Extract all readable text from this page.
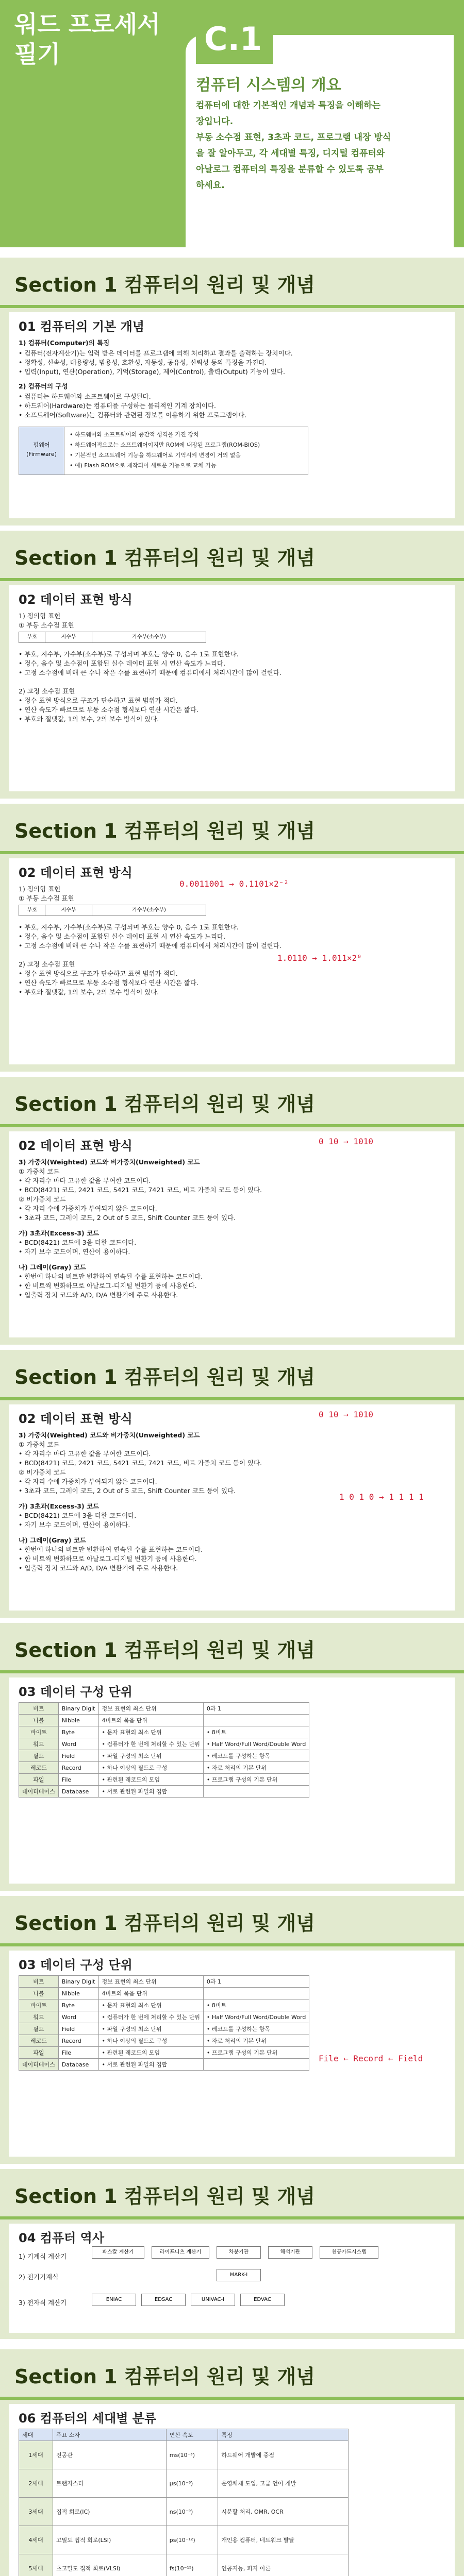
워드 프로세서
필기	C.1
컴퓨터 시스템의 개요
컴퓨터에 대한 기본적인 개념과 특징을 이해하는
장입니다.
부동 소수점 표현, 3초과 코드, 프로그램 내장 방식
을 잘 알아두고, 각 세대별 특징, 디지털 컴퓨터와
아날로그 컴퓨터의 특징을 분류할 수 있도록 공부
하세요.
Section 1 컴퓨터의 원리 및 개념
01 컴퓨터의 기본 개념
1) 컴퓨터(Computer)의 특징
• 컴퓨터(전자계산기)는 입력 받은 데이터를 프로그램에 의해 처리하고 결과를 출력하는 장치이다.
• 정확성, 신속성, 대용량성, 범용성, 호환성, 자동성, 공유성, 신뢰성 등의 특징을 가진다.
• 입력(Input), 연산(Operation), 기억(Storage), 제어(Control), 출력(Output) 기능이 있다.
2) 컴퓨터의 구성
• 컴퓨터는 하드웨어와 소프트웨어로 구성된다.
• 하드웨어(Hardware)는 컴퓨터를 구성하는 물리적인 기계 장치이다.
• 소프트웨어(Software)는 컴퓨터와 관련된 정보를 이용하기 위한 프로그램이다.
펌웨어 (Firmware)
• 하드웨어와 소프트웨어의 중간적 성격을 가진 장치
• 하드웨어적으로는 소프트웨어이지만 ROM에 내장된 프로그램(ROM-BIOS)
• 기본적인 소프트웨어 기능을 하드웨어로 기억시켜 변경이 거의 없음
• 예) Flash ROM으로 제작되어 새로운 기능으로 교체 가능
Section 1 컴퓨터의 원리 및 개념
02 데이터 표현 방식
1) 정의형 표현
① 부동 소수점 표현
부호	지수부	가수부(소수부)
• 부호, 지수부, 가수부(소수부)로 구성되며 부호는 양수 0, 음수 1로 표현한다.
• 정수, 음수 및 소수점이 포함된 실수 데이터 표현 시 연산 속도가 느리다.
• 고정 소수점에 비해 큰 수나 작은 수를 표현하기 때문에 컴퓨터에서 처리시간이 많이 걸린다.
2) 고정 소수점 표현
• 정수 표현 방식으로 구조가 단순하고 표현 범위가 적다.
• 연산 속도가 빠르므로 부동 소수점 형식보다 연산 시간은 짧다.
• 부호와 절댓값, 1의 보수, 2의 보수 방식이 있다.
Section 1 컴퓨터의 원리 및 개념
02 데이터 표현 방식
1) 정의형 표현
① 부동 소수점 표현
부호	지수부	가수부(소수부)
0.0011001 → 0.1101×2⁻²
• 부호, 지수부, 가수부(소수부)로 구성되며 부호는 양수 0, 음수 1로 표현한다.
• 정수, 음수 및 소수점이 포함된 실수 데이터 표현 시 연산 속도가 느리다.
• 고정 소수점에 비해 큰 수나 작은 수를 표현하기 때문에 컴퓨터에서 처리시간이 많이 걸린다.
1.0110 → 1.011×2⁰
2) 고정 소수점 표현
• 정수 표현 방식으로 구조가 단순하고 표현 범위가 적다.
• 연산 속도가 빠르므로 부동 소수점 형식보다 연산 시간은 짧다.
• 부호와 절댓값, 1의 보수, 2의 보수 방식이 있다.
Section 1 컴퓨터의 원리 및 개념
02 데이터 표현 방식	0 10 → 1010
3) 가중치(Weighted) 코드와 비가중치(Unweighted) 코드
① 가중치 코드
• 각 자리수 마다 고유한 값을 부여한 코드이다.
• BCD(8421) 코드, 2421 코드, 5421 코드, 7421 코드, 비트 가중치 코드 등이 있다.
② 비가중치 코드
• 각 자리 수에 가중치가 부여되지 않은 코드이다.
• 3초과 코드, 그레이 코드, 2 Out of 5 코드, Shift Counter 코드 등이 있다.
가) 3초과(Excess-3) 코드
• BCD(8421) 코드에 3을 더한 코드이다.
• 자기 보수 코드이며, 연산이 용이하다.
나) 그레이(Gray) 코드
• 한번에 하나의 비트만 변환하여 연속된 수를 표현하는 코드이다.
• 한 비트씩 변화하므로 아날로그-디지털 변환기 등에 사용한다.
• 입출력 장치 코드와 A/D, D/A 변환기에 주로 사용한다.
Section 1 컴퓨터의 원리 및 개념
02 데이터 표현 방식	0 10 → 1010
1 0 1 0 → 1 1 1 1
3) 가중치(Weighted) 코드와 비가중치(Unweighted) 코드
① 가중치 코드
• 각 자리수 마다 고유한 값을 부여한 코드이다.
• BCD(8421) 코드, 2421 코드, 5421 코드, 7421 코드, 비트 가중치 코드 등이 있다.
② 비가중치 코드
• 각 자리 수에 가중치가 부여되지 않은 코드이다.
• 3초과 코드, 그레이 코드, 2 Out of 5 코드, Shift Counter 코드 등이 있다.
가) 3초과(Excess-3) 코드
• BCD(8421) 코드에 3을 더한 코드이다.
• 자기 보수 코드이며, 연산이 용이하다.
나) 그레이(Gray) 코드
• 한번에 하나의 비트만 변환하여 연속된 수를 표현하는 코드이다.
• 한 비트씩 변화하므로 아날로그-디지털 변환기 등에 사용한다.
• 입출력 장치 코드와 A/D, D/A 변환기에 주로 사용한다.
Section 1 컴퓨터의 원리 및 개념
03 데이터 구성 단위
비트	Binary Digit	정보 표현의 최소 단위	0과 1
니블	Nibble	4비트의 묶음 단위	
바이트	Byte	• 문자 표현의 최소 단위	• 8비트
워드	Word	• 컴퓨터가 한 번에 처리할 수 있는 단위	• Half Word/Full Word/Double Word
필드	Field	• 파일 구성의 최소 단위	• 레코드를 구성하는 항목
레코드	Record	• 하나 이상의 필드로 구성	• 자료 처리의 기본 단위
파일	File	• 관련된 레코드의 모임	• 프로그램 구성의 기본 단위
데이터베이스	Database	• 서로 관련된 파일의 집합	
Section 1 컴퓨터의 원리 및 개념
03 데이터 구성 단위
비트	Binary Digit	정보 표현의 최소 단위	0과 1
니블	Nibble	4비트의 묶음 단위	
바이트	Byte	• 문자 표현의 최소 단위	• 8비트
워드	Word	• 컴퓨터가 한 번에 처리할 수 있는 단위	• Half Word/Full Word/Double Word
필드	Field	• 파일 구성의 최소 단위	• 레코드를 구성하는 항목
레코드	Record	• 하나 이상의 필드로 구성	• 자료 처리의 기본 단위
파일	File	• 관련된 레코드의 모임	• 프로그램 구성의 기본 단위
데이터베이스	Database	• 서로 관련된 파일의 집합	
File ← Record ← Field
Section 1 컴퓨터의 원리 및 개념
04 컴퓨터 역사
1) 기계식 계산기
2) 전기기계식
3) 전자식 계산기
파스칼 계산기	라이프니츠 계산기	차분기관	해석기관	천공카드시스템
MARK-I
ENIAC	EDSAC	UNIVAC-I	EDVAC
Section 1 컴퓨터의 원리 및 개념
06 컴퓨터의 세대별 분류
세대	주요 소자	연산 속도	특징
1세대	진공관	ms(10⁻³)	하드웨어 개발에 중점
2세대	트랜지스터	μs(10⁻⁶)	운영체제 도입, 고급 언어 개발
3세대	집적 회로(IC)	ns(10⁻⁹)	시분할 처리, OMR, OCR
4세대	고밀도 집적 회로(LSI)	ps(10⁻¹²)	개인용 컴퓨터, 네트워크 발달
5세대	초고밀도 집적 회로(VLSI)	fs(10⁻¹⁵)	인공지능, 퍼지 이론
